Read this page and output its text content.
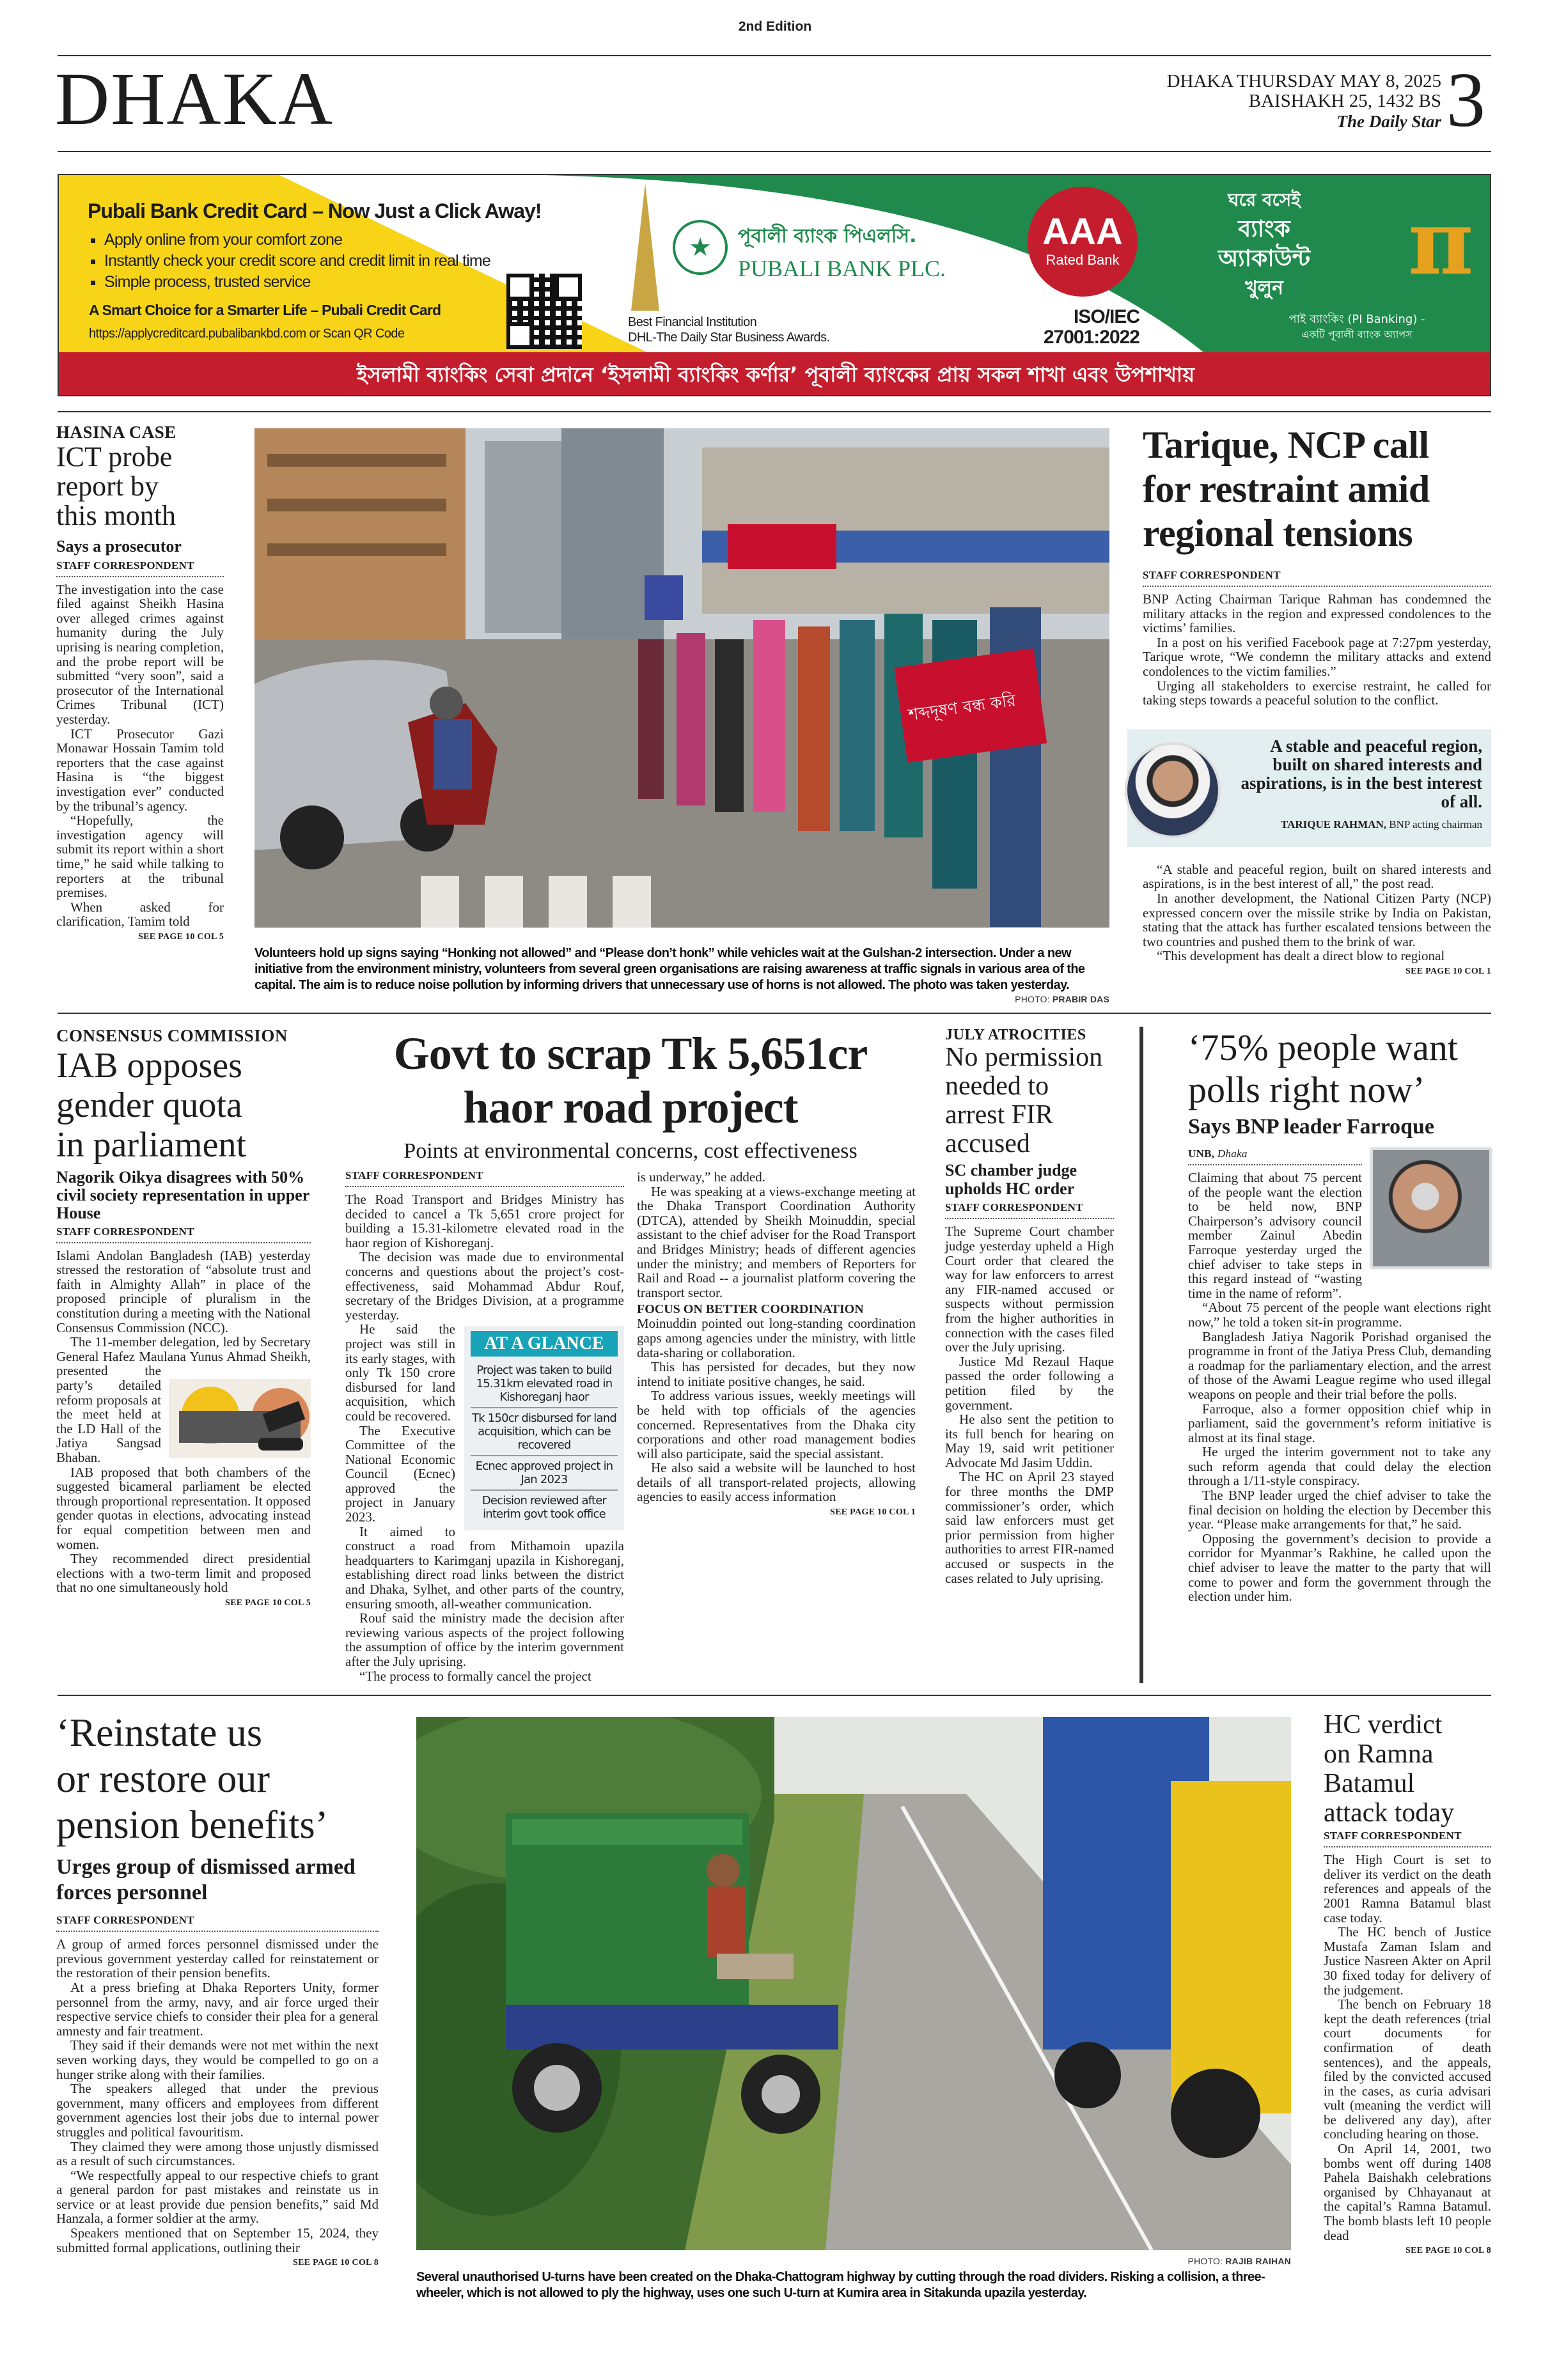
2nd Edition
DHAKA	DHAKA THURSDAY MAY 8, 2025
BAISHAKH 25, 1432 BS
The Daily Star 3
Pubali Bank Credit Card – Now Just a Click Away!
▪ Apply online from your comfort zone
▪ Instantly check your credit score and credit limit in real time
▪ Simple process, trusted service
A Smart Choice for a Smarter Life – Pubali Credit Card
https://applycreditcard.pubalibankbd.com or Scan QR Code
★	পূবালী ব্যাংক পিএলসি.
PUBALI BANK PLC.
Best Financial Institution
DHL-The Daily Star Business Awards.
AAA
Rated Bank
ISO/IEC
27001:2022
ঘরে বসেই
ব্যাংক
অ্যাকাউন্ট
খুলুন	π
পাই ব্যাংকিং (PI Banking) -
একটি পূবালী ব্যাংক অ্যাপস
ইসলামী ব্যাংকিং সেবা প্রদানে ‘ইসলামী ব্যাংকিং কর্ণার’ পূবালী ব্যাংকের প্রায় সকল শাখা এবং উপশাখায়
HASINA CASE
ICT probe
report by
this month
Says a prosecutor
STAFF CORRESPONDENT

The investigation into the case filed against Sheikh Hasina over alleged crimes against humanity during the July uprising is nearing completion, and the probe report will be submitted “very soon”, said a prosecutor of the International Crimes Tribunal (ICT) yesterday.

ICT Prosecutor Gazi Monawar Hossain Tamim told reporters that the case against Hasina is “the biggest investigation ever” conducted by the tribunal’s agency.

“Hopefully, the investigation agency will submit its report within a short time,” he said while talking to reporters at the tribunal premises.

When asked for clarification, Tamim told

SEE PAGE 10 COL 5
শব্দদূষণ বন্ধ করি
Volunteers hold up signs saying “Honking not allowed” and “Please don’t honk” while vehicles wait at the Gulshan-2 intersection. Under a new initiative from the environment ministry, volunteers from several green organisations are raising awareness at traffic signals in various area of the capital. The aim is to reduce noise pollution by informing drivers that unnecessary use of horns is not allowed. The photo was taken yesterday.
PHOTO: PRABIR DAS
Tarique, NCP call
for restraint amid
regional tensions
STAFF CORRESPONDENT

BNP Acting Chairman Tarique Rahman has condemned the military attacks in the region and expressed condolences to the victims’ families.

In a post on his verified Facebook page at 7:27pm yesterday, Tarique wrote, “We condemn the military attacks and extend condolences to the victim families.”

Urging all stakeholders to exercise restraint, he called for taking steps towards a peaceful solution to the conflict.

A stable and peaceful region, built on shared interests and aspirations, is in the best interest of all.
TARIQUE RAHMAN, BNP acting chairman

“A stable and peaceful region, built on shared interests and aspirations, is in the best interest of all,” the post read.

In another development, the National Citizen Party (NCP) expressed concern over the missile strike by India on Pakistan, stating that the attack has further escalated tensions between the two countries and pushed them to the brink of war.

“This development has dealt a direct blow to regional

SEE PAGE 10 COL 1
CONSENSUS COMMISSION
IAB opposes
gender quota
in parliament
Nagorik Oikya disagrees with 50% civil society representation in upper House
STAFF CORRESPONDENT

Islami Andolan Bangladesh (IAB) yesterday stressed the restoration of “absolute trust and faith in Almighty Allah” in place of the proposed principle of pluralism in the constitution during a meeting with the National Consensus Commission (NCC).

The 11-member delegation, led by Secretary General Hafez Maulana Yunus Ahmad Sheikh, presented the party’s detailed reform proposals at the meet held at the LD Hall of the Jatiya Sangsad Bhaban.

IAB proposed that both chambers of the suggested bicameral parliament be elected through proportional representation. It opposed gender quotas in elections, advocating instead for equal competition between men and women.

They recommended direct presidential elections with a two-term limit and proposed that no one simultaneously hold

SEE PAGE 10 COL 5
Govt to scrap Tk 5,651cr
haor road project
Points at environmental concerns, cost effectiveness
STAFF CORRESPONDENT

The Road Transport and Bridges Ministry has decided to cancel a Tk 5,651 crore project for building a 15.31-kilometre elevated road in the haor region of Kishoreganj.

The decision was made due to environmental concerns and questions about the project’s cost-effectiveness, said Mohammad Abdur Rouf, secretary of the Bridges Division, at a programme yesterday.

AT A GLANCE
Project was taken to build 15.31km elevated road in Kishoreganj haor
Tk 150cr disbursed for land acquisition, which can be recovered
Ecnec approved project in Jan 2023
Decision reviewed after interim govt took office

He said the project was still in its early stages, with only Tk 150 crore disbursed for land acquisition, which could be recovered.

The Executive Committee of the National Economic Council (Ecnec) approved the project in January 2023.

It aimed to construct a road from Mithamoin upazila headquarters to Karimganj upazila in Kishoreganj, establishing direct road links between the district and Dhaka, Sylhet, and other parts of the country, ensuring smooth, all-weather communication.

Rouf said the ministry made the decision after reviewing various aspects of the project following the assumption of office by the interim government after the July uprising.

“The process to formally cancel the project

is underway,” he added.

He was speaking at a views-exchange meeting at the Dhaka Transport Coordination Authority (DTCA), attended by Sheikh Moinuddin, special assistant to the chief adviser for the Road Transport and Bridges Ministry; heads of different agencies under the ministry; and members of Reporters for Rail and Road -- a journalist platform covering the transport sector.

FOCUS ON BETTER COORDINATION

Moinuddin pointed out long-standing coordination gaps among agencies under the ministry, with little data-sharing or collaboration.

This has persisted for decades, but they now intend to initiate positive changes, he said.

To address various issues, weekly meetings will be held with top officials of the agencies concerned. Representatives from the Dhaka city corporations and other road management bodies will also participate, said the special assistant.

He also said a website will be launched to host details of all transport-related projects, allowing agencies to easily access information

SEE PAGE 10 COL 1
JULY ATROCITIES
No permission
needed to
arrest FIR
accused
SC chamber judge upholds HC order
STAFF CORRESPONDENT

The Supreme Court chamber judge yesterday upheld a High Court order that cleared the way for law enforcers to arrest any FIR-named accused or suspects without permission from the higher authorities in connection with the cases filed over the July uprising.

Justice Md Rezaul Haque passed the order following a petition filed by the government.

He also sent the petition to its full bench for hearing on May 19, said writ petitioner Advocate Md Jasim Uddin.

The HC on April 23 stayed for three months the DMP commissioner’s order, which said law enforcers must get prior permission from higher authorities to arrest FIR-named accused or suspects in the cases related to July uprising.

‘75% people want
polls right now’
Says BNP leader Farroque
UNB, Dhaka

Claiming that about 75 percent of the people want the election to be held now, BNP Chairperson’s advisory council member Zainul Abedin Farroque yesterday urged the chief adviser to take steps in this regard instead of “wasting time in the name of reform”.

“About 75 percent of the people want elections right now,” he told a token sit-in programme.

Bangladesh Jatiya Nagorik Porishad organised the programme in front of the Jatiya Press Club, demanding a roadmap for the parliamentary election, and the arrest of those of the Awami League regime who used illegal weapons on people and their trial before the polls.

Farroque, also a former opposition chief whip in parliament, said the government’s reform initiative is almost at its final stage.

He urged the interim government not to take any such reform agenda that could delay the election through a 1/11-style conspiracy.

The BNP leader urged the chief adviser to take the final decision on holding the election by December this year. “Please make arrangements for that,” he said.

Opposing the government’s decision to provide a corridor for Myanmar’s Rakhine, he called upon the chief adviser to leave the matter to the party that will come to power and form the government through the election under him.

‘Reinstate us
or restore our
pension benefits’
Urges group of dismissed armed forces personnel
STAFF CORRESPONDENT

A group of armed forces personnel dismissed under the previous government yesterday called for reinstatement or the restoration of their pension benefits.

At a press briefing at Dhaka Reporters Unity, former personnel from the army, navy, and air force urged their respective service chiefs to consider their plea for a general amnesty and fair treatment.

They said if their demands were not met within the next seven working days, they would be compelled to go on a hunger strike along with their families.

The speakers alleged that under the previous government, many officers and employees from different government agencies lost their jobs due to internal power struggles and political favouritism.

They claimed they were among those unjustly dismissed as a result of such circumstances.

“We respectfully appeal to our respective chiefs to grant a general pardon for past mistakes and reinstate us in service or at least provide due pension benefits,” said Md Hanzala, a former soldier at the army.

Speakers mentioned that on September 15, 2024, they submitted formal applications, outlining their

SEE PAGE 10 COL 8	PHOTO: RAJIB RAIHAN
Several unauthorised U-turns have been created on the Dhaka-Chattogram highway by cutting through the road dividers. Risking a collision, a three-wheeler, which is not allowed to ply the highway, uses one such U-turn at Kumira area in Sitakunda upazila yesterday.
HC verdict
on Ramna
Batamul
attack today
STAFF CORRESPONDENT

The High Court is set to deliver its verdict on the death references and appeals of the 2001 Ramna Batamul blast case today.

The HC bench of Justice Mustafa Zaman Islam and Justice Nasreen Akter on April 30 fixed today for delivery of the judgement.

The bench on February 18 kept the death references (trial court documents for confirmation of death sentences), and the appeals, filed by the convicted accused in the cases, as curia advisari vult (meaning the verdict will be delivered any day), after concluding hearing on those.

On April 14, 2001, two bombs went off during 1408 Pahela Baishakh celebrations organised by Chhayanaut at the capital’s Ramna Batamul. The bomb blasts left 10 people dead

SEE PAGE 10 COL 8
